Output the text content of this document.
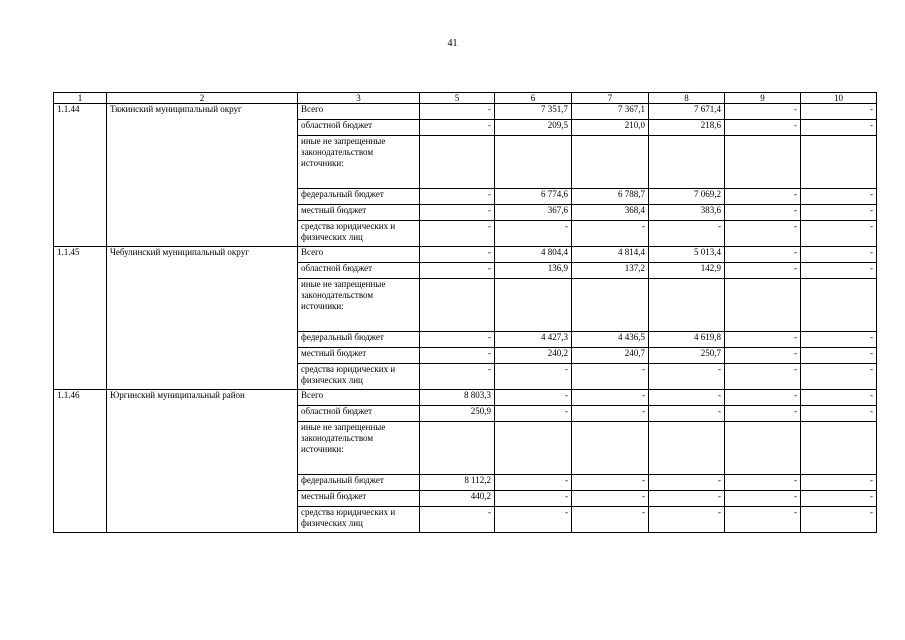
41
1	2	3	5	6	7	8	9	10
1.1.44	Тяжинский муниципальный округ	Всего	-	7 351,7	7 367,1	7 671,4	-	-
		областной бюджет	-	209,5	210,0	218,6	-	-
		иные не запрещенные законодательством источники:						
		федеральный бюджет	-	6 774,6	6 788,7	7 069,2	-	-
		местный бюджет	-	367,6	368,4	383,6	-	-
		средства юридических и физических лиц	-	-	-	-	-	-
1.1.45	Чебулинский муниципальный округ	Всего	-	4 804,4	4 814,4	5 013,4	-	-
		областной бюджет	-	136,9	137,2	142,9	-	-
		иные не запрещенные законодательством источники:						
		федеральный бюджет	-	4 427,3	4 436,5	4 619,8	-	-
		местный бюджет	-	240,2	240,7	250,7	-	-
		средства юридических и физических лиц	-	-	-	-	-	-
1.1.46	Юргинский муниципальный район	Всего	8 803,3	-	-	-	-	-
		областной бюджет	250,9	-	-	-	-	-
		иные не запрещенные законодательством источники:						
		федеральный бюджет	8 112,2	-	-	-	-	-
		местный бюджет	440,2	-	-	-	-	-
		средства юридических и физических лиц	-	-	-	-	-	-
